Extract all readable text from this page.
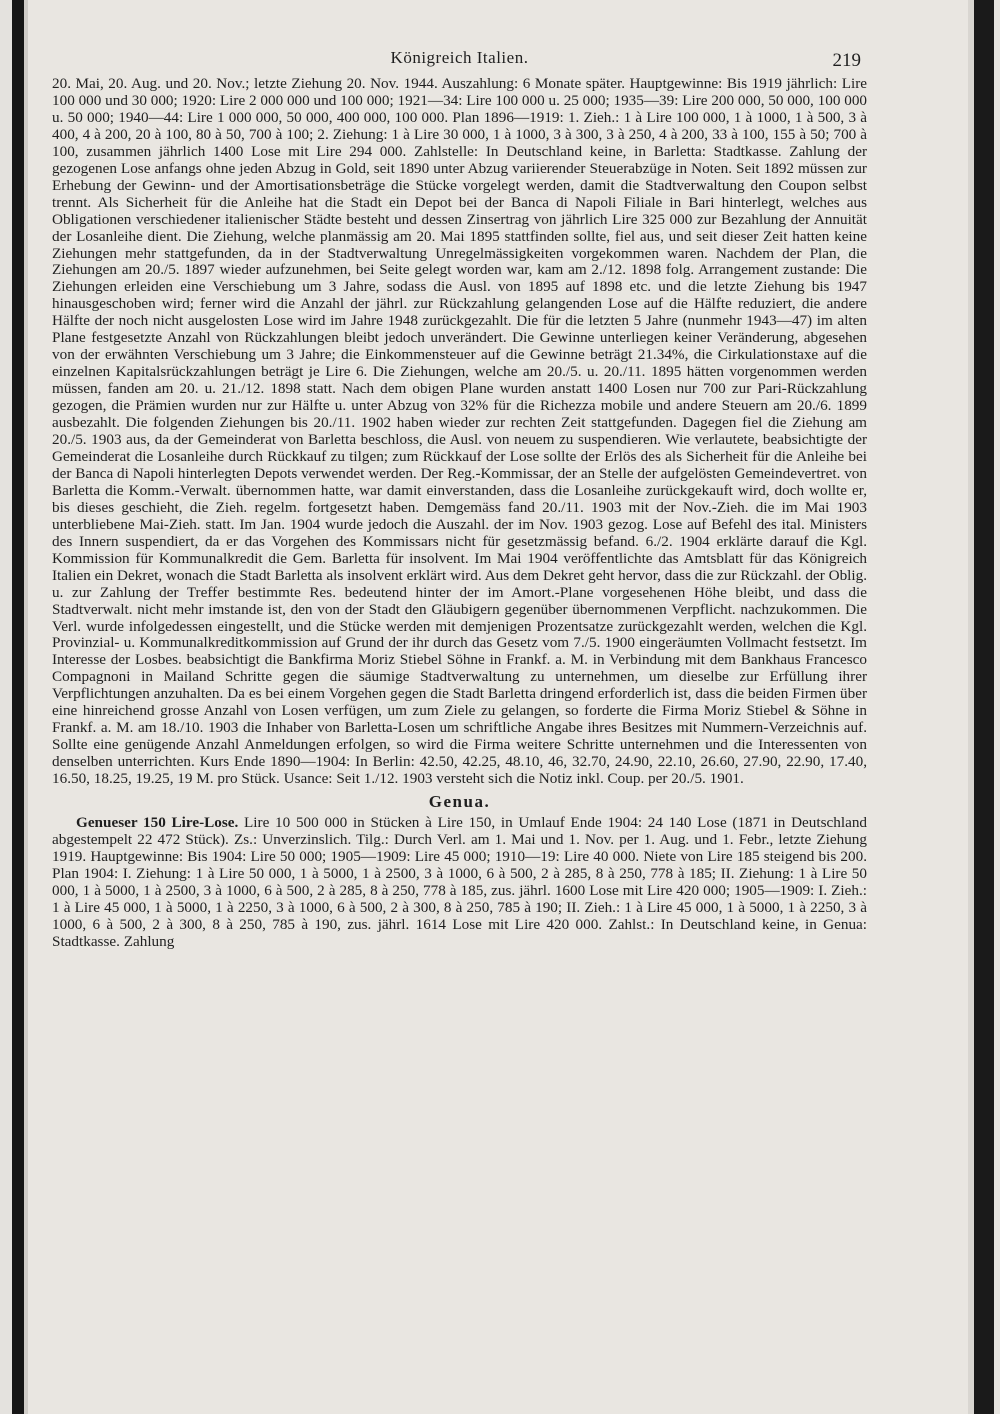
Königreich Italien.	219

20. Mai, 20. Aug. und 20. Nov.; letzte Ziehung 20. Nov. 1944. Auszahlung: 6 Monate später. Hauptgewinne: Bis 1919 jährlich: Lire 100 000 und 30 000; 1920: Lire 2 000 000 und 100 000; 1921—34: Lire 100 000 u. 25 000; 1935—39: Lire 200 000, 50 000, 100 000 u. 50 000; 1940—44: Lire 1 000 000, 50 000, 400 000, 100 000. Plan 1896—1919: 1. Zieh.: 1 à Lire 100 000, 1 à 1000, 1 à 500, 3 à 400, 4 à 200, 20 à 100, 80 à 50, 700 à 100; 2. Ziehung: 1 à Lire 30 000, 1 à 1000, 3 à 300, 3 à 250, 4 à 200, 33 à 100, 155 à 50; 700 à 100, zusammen jährlich 1400 Lose mit Lire 294 000. Zahlstelle: In Deutschland keine, in Barletta: Stadtkasse. Zahlung der gezogenen Lose anfangs ohne jeden Abzug in Gold, seit 1890 unter Abzug variierender Steuerabzüge in Noten. Seit 1892 müssen zur Erhebung der Gewinn- und der Amortisationsbeträge die Stücke vorgelegt werden, damit die Stadtverwaltung den Coupon selbst trennt. Als Sicherheit für die Anleihe hat die Stadt ein Depot bei der Banca di Napoli Filiale in Bari hinterlegt, welches aus Obligationen verschiedener italienischer Städte besteht und dessen Zinsertrag von jährlich Lire 325 000 zur Bezahlung der Annuität der Losanleihe dient. Die Ziehung, welche planmässig am 20. Mai 1895 stattfinden sollte, fiel aus, und seit dieser Zeit hatten keine Ziehungen mehr stattgefunden, da in der Stadtverwaltung Unregelmässigkeiten vorgekommen waren. Nachdem der Plan, die Ziehungen am 20./5. 1897 wieder aufzunehmen, bei Seite gelegt worden war, kam am 2./12. 1898 folg. Arrangement zustande: Die Ziehungen erleiden eine Verschiebung um 3 Jahre, sodass die Ausl. von 1895 auf 1898 etc. und die letzte Ziehung bis 1947 hinausgeschoben wird; ferner wird die Anzahl der jährl. zur Rückzahlung gelangenden Lose auf die Hälfte reduziert, die andere Hälfte der noch nicht ausgelosten Lose wird im Jahre 1948 zurückgezahlt. Die für die letzten 5 Jahre (nunmehr 1943—47) im alten Plane festgesetzte Anzahl von Rückzahlungen bleibt jedoch unverändert. Die Gewinne unterliegen keiner Veränderung, abgesehen von der erwähnten Verschiebung um 3 Jahre; die Einkommensteuer auf die Gewinne beträgt 21.34%, die Cirkulationstaxe auf die einzelnen Kapitalsrückzahlungen beträgt je Lire 6. Die Ziehungen, welche am 20./5. u. 20./11. 1895 hätten vorgenommen werden müssen, fanden am 20. u. 21./12. 1898 statt. Nach dem obigen Plane wurden anstatt 1400 Losen nur 700 zur Pari-Rückzahlung gezogen, die Prämien wurden nur zur Hälfte u. unter Abzug von 32% für die Richezza mobile und andere Steuern am 20./6. 1899 ausbezahlt. Die folgenden Ziehungen bis 20./11. 1902 haben wieder zur rechten Zeit stattgefunden. Dagegen fiel die Ziehung am 20./5. 1903 aus, da der Gemeinderat von Barletta beschloss, die Ausl. von neuem zu suspendieren. Wie verlautete, beabsichtigte der Gemeinderat die Losanleihe durch Rückkauf zu tilgen; zum Rückkauf der Lose sollte der Erlös des als Sicherheit für die Anleihe bei der Banca di Napoli hinterlegten Depots verwendet werden. Der Reg.-Kommissar, der an Stelle der aufgelösten Gemeindevertret. von Barletta die Komm.-Verwalt. übernommen hatte, war damit einverstanden, dass die Losanleihe zurückgekauft wird, doch wollte er, bis dieses geschieht, die Zieh. regelm. fortgesetzt haben. Demgemäss fand 20./11. 1903 mit der Nov.-Zieh. die im Mai 1903 unterbliebene Mai-Zieh. statt. Im Jan. 1904 wurde jedoch die Auszahl. der im Nov. 1903 gezog. Lose auf Befehl des ital. Ministers des Innern suspendiert, da er das Vorgehen des Kommissars nicht für gesetzmässig befand. 6./2. 1904 erklärte darauf die Kgl. Kommission für Kommunalkredit die Gem. Barletta für insolvent. Im Mai 1904 veröffentlichte das Amtsblatt für das Königreich Italien ein Dekret, wonach die Stadt Barletta als insolvent erklärt wird. Aus dem Dekret geht hervor, dass die zur Rückzahl. der Oblig. u. zur Zahlung der Treffer bestimmte Res. bedeutend hinter der im Amort.-Plane vorgesehenen Höhe bleibt, und dass die Stadtverwalt. nicht mehr imstande ist, den von der Stadt den Gläubigern gegenüber übernommenen Verpflicht. nachzukommen. Die Verl. wurde infolgedessen eingestellt, und die Stücke werden mit demjenigen Prozentsatze zurückgezahlt werden, welchen die Kgl. Provinzial- u. Kommunalkreditkommission auf Grund der ihr durch das Gesetz vom 7./5. 1900 eingeräumten Vollmacht festsetzt. Im Interesse der Losbes. beabsichtigt die Bankfirma Moriz Stiebel Söhne in Frankf. a. M. in Verbindung mit dem Bankhaus Francesco Compagnoni in Mailand Schritte gegen die säumige Stadtverwaltung zu unternehmen, um dieselbe zur Erfüllung ihrer Verpflichtungen anzuhalten. Da es bei einem Vorgehen gegen die Stadt Barletta dringend erforderlich ist, dass die beiden Firmen über eine hinreichend grosse Anzahl von Losen verfügen, um zum Ziele zu gelangen, so forderte die Firma Moriz Stiebel & Söhne in Frankf. a. M. am 18./10. 1903 die Inhaber von Barletta-Losen um schriftliche Angabe ihres Besitzes mit Nummern-Verzeichnis auf. Sollte eine genügende Anzahl Anmeldungen erfolgen, so wird die Firma weitere Schritte unternehmen und die Interessenten von denselben unterrichten. Kurs Ende 1890—1904: In Berlin: 42.50, 42.25, 48.10, 46, 32.70, 24.90, 22.10, 26.60, 27.90, 22.90, 17.40, 16.50, 18.25, 19.25, 19 M. pro Stück. Usance: Seit 1./12. 1903 versteht sich die Notiz inkl. Coup. per 20./5. 1901.

Genua.

Genueser 150 Lire-Lose. Lire 10 500 000 in Stücken à Lire 150, in Umlauf Ende 1904: 24 140 Lose (1871 in Deutschland abgestempelt 22 472 Stück). Zs.: Unverzinslich. Tilg.: Durch Verl. am 1. Mai und 1. Nov. per 1. Aug. und 1. Febr., letzte Ziehung 1919. Hauptgewinne: Bis 1904: Lire 50 000; 1905—1909: Lire 45 000; 1910—19: Lire 40 000. Niete von Lire 185 steigend bis 200. Plan 1904: I. Ziehung: 1 à Lire 50 000, 1 à 5000, 1 à 2500, 3 à 1000, 6 à 500, 2 à 285, 8 à 250, 778 à 185; II. Ziehung: 1 à Lire 50 000, 1 à 5000, 1 à 2500, 3 à 1000, 6 à 500, 2 à 285, 8 à 250, 778 à 185, zus. jährl. 1600 Lose mit Lire 420 000; 1905—1909: I. Zieh.: 1 à Lire 45 000, 1 à 5000, 1 à 2250, 3 à 1000, 6 à 500, 2 à 300, 8 à 250, 785 à 190; II. Zieh.: 1 à Lire 45 000, 1 à 5000, 1 à 2250, 3 à 1000, 6 à 500, 2 à 300, 8 à 250, 785 à 190, zus. jährl. 1614 Lose mit Lire 420 000. Zahlst.: In Deutschland keine, in Genua: Stadtkasse. Zahlung
